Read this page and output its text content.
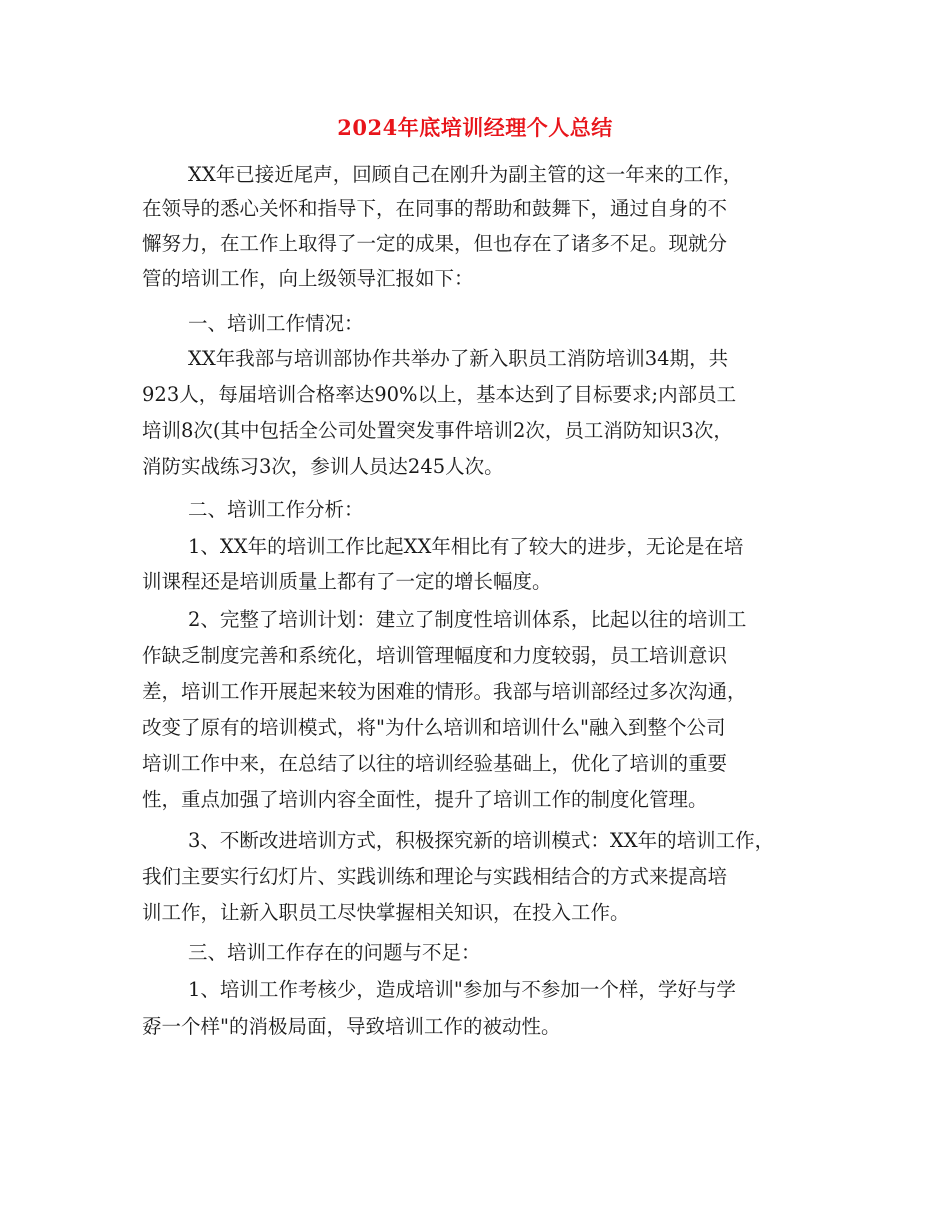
2024年底培训经理个人总结
XX年已接近尾声，回顾自己在刚升为副主管的这一年来的工作，
在领导的悉心关怀和指导下，在同事的帮助和鼓舞下，通过自身的不
懈努力，在工作上取得了一定的成果，但也存在了诸多不足。现就分
管的培训工作，向上级领导汇报如下：
一、培训工作情况：
XX年我部与培训部协作共举办了新入职员工消防培训34期，共
923人，每届培训合格率达90%以上，基本达到了目标要求;内部员工
培训8次(其中包括全公司处置突发事件培训2次，员工消防知识3次，
消防实战练习3次，参训人员达245人次。
二、培训工作分析：
1、XX年的培训工作比起XX年相比有了较大的进步，无论是在培
训课程还是培训质量上都有了一定的增长幅度。
2、完整了培训计划：建立了制度性培训体系，比起以往的培训工
作缺乏制度完善和系统化，培训管理幅度和力度较弱，员工培训意识
差，培训工作开展起来较为困难的情形。我部与培训部经过多次沟通，
改变了原有的培训模式，将"为什么培训和培训什么"融入到整个公司
培训工作中来，在总结了以往的培训经验基础上，优化了培训的重要
性，重点加强了培训内容全面性，提升了培训工作的制度化管理。
3、不断改进培训方式，积极探究新的培训模式：XX年的培训工作，
我们主要实行幻灯片、实践训练和理论与实践相结合的方式来提高培
训工作，让新入职员工尽快掌握相关知识，在投入工作。
三、培训工作存在的问题与不足：
1、培训工作考核少，造成培训"参加与不参加一个样，学好与学
孬一个样"的消极局面，导致培训工作的被动性。
